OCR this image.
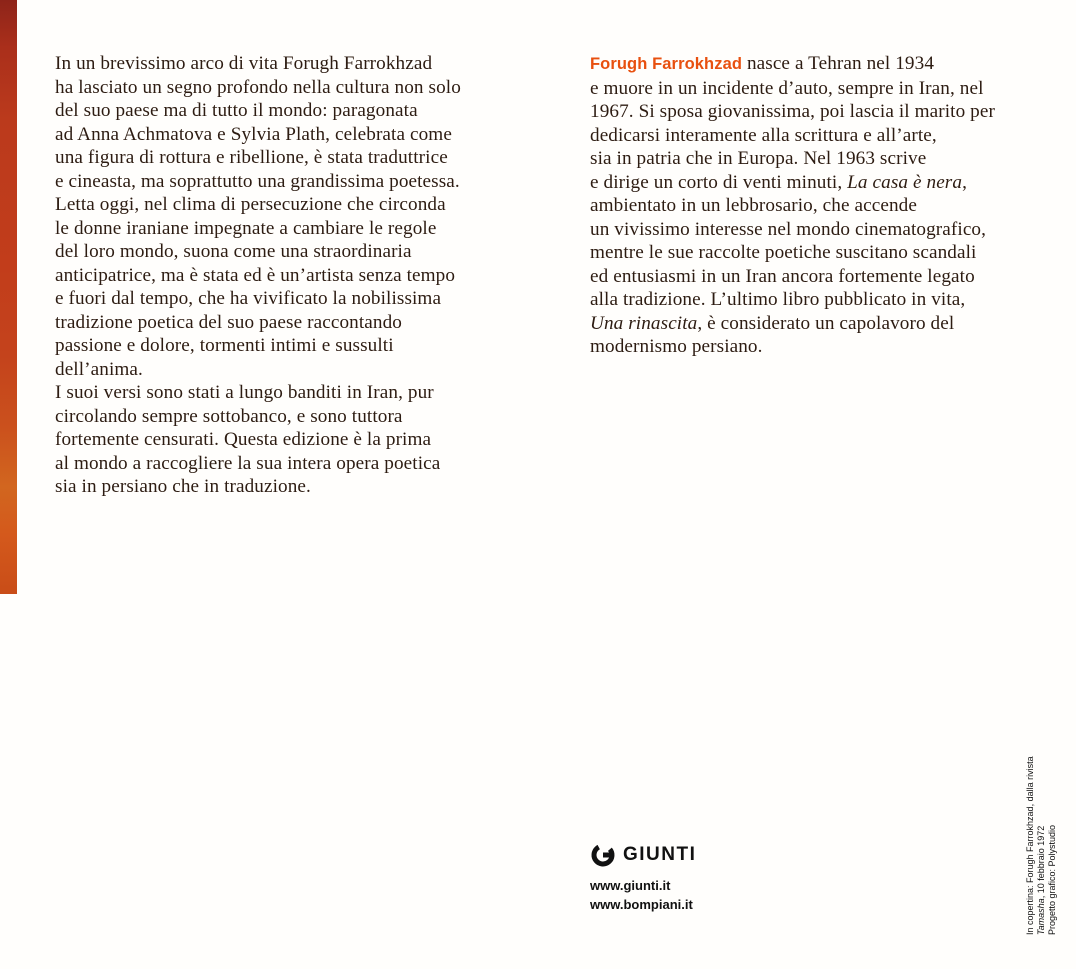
In un brevissimo arco di vita Forugh Farrokhzad
ha lasciato un segno profondo nella cultura non solo
del suo paese ma di tutto il mondo: paragonata
ad Anna Achmatova e Sylvia Plath, celebrata come
una figura di rottura e ribellione, è stata traduttrice
e cineasta, ma soprattutto una grandissima poetessa.
Letta oggi, nel clima di persecuzione che circonda
le donne iraniane impegnate a cambiare le regole
del loro mondo, suona come una straordinaria
anticipatrice, ma è stata ed è un’artista senza tempo
e fuori dal tempo, che ha vivificato la nobilissima
tradizione poetica del suo paese raccontando
passione e dolore, tormenti intimi e sussulti
dell’anima.
I suoi versi sono stati a lungo banditi in Iran, pur
circolando sempre sottobanco, e sono tuttora
fortemente censurati. Questa edizione è la prima
al mondo a raccogliere la sua intera opera poetica
sia in persiano che in traduzione.
Forugh Farrokhzad nasce a Tehran nel 1934
e muore in un incidente d’auto, sempre in Iran, nel
1967. Si sposa giovanissima, poi lascia il marito per
dedicarsi interamente alla scrittura e all’arte,
sia in patria che in Europa. Nel 1963 scrive
e dirige un corto di venti minuti, La casa è nera,
ambientato in un lebbrosario, che accende
un vivissimo interesse nel mondo cinematografico,
mentre le sue raccolte poetiche suscitano scandali
ed entusiasmi in un Iran ancora fortemente legato
alla tradizione. L’ultimo libro pubblicato in vita,
Una rinascita, è considerato un capolavoro del
modernismo persiano.
GIUNTI
www.giunti.it
www.bompiani.it	In copertina: Forugh Farrokhzad, dalla rivista Tamasha, 10 febbraio 1972 Progetto grafico: Polystudio
